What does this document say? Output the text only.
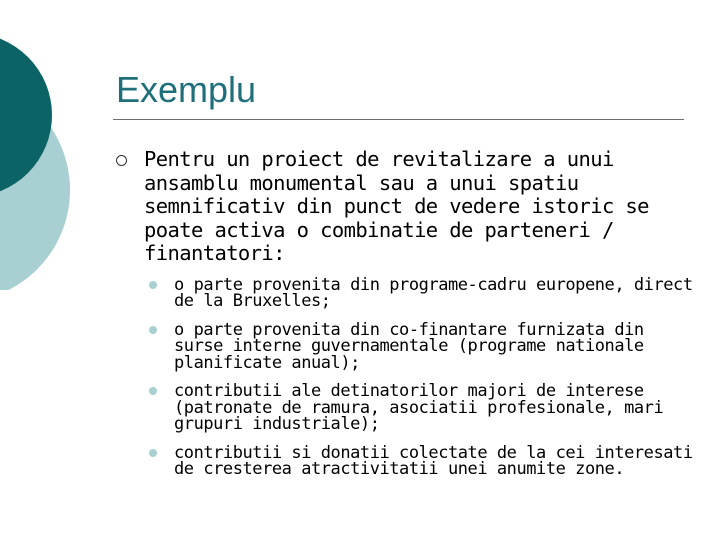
Exemplu
Pentru un proiect de revitalizare a unui ansamblu monumental sau a unui spatiu semnificativ din punct de vedere istoric se poate activa o combinatie de parteneri / finantatori:
o parte provenita din programe-cadru europene, direct de la Bruxelles;
o parte provenita din co-finantare furnizata din surse interne guvernamentale (programe nationale planificate anual);
contributii ale detinatorilor majori de interese (patronate de ramura, asociatii profesionale, mari grupuri industriale);
contributii si donatii colectate de la cei interesati de cresterea atractivitatii unei anumite zone.
